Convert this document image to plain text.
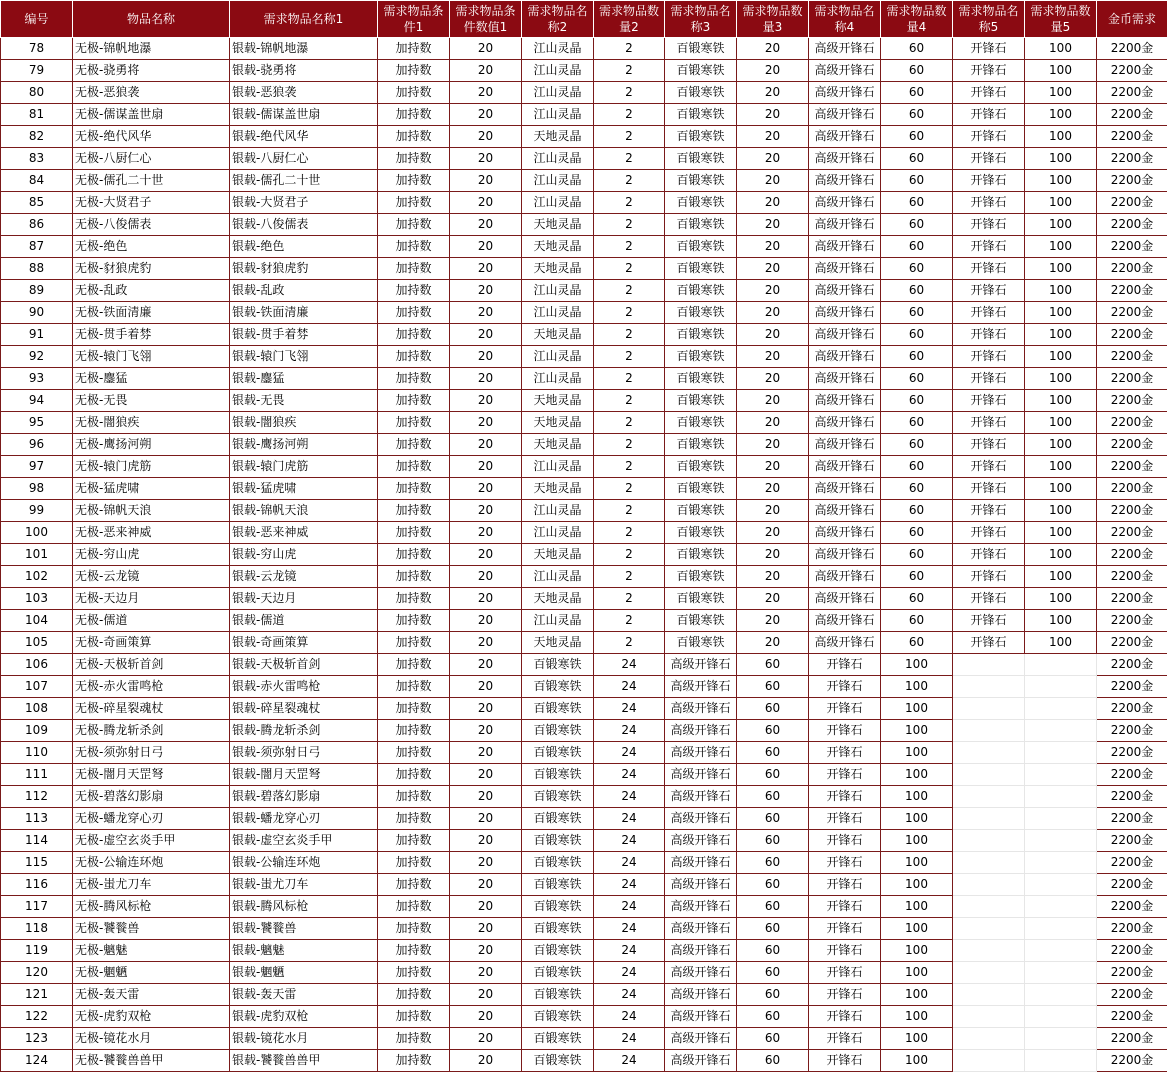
编号	物品名称	需求物品名称1	需求物品条件1	需求物品条件数值1	需求物品名称2	需求物品数量2	需求物品名称3	需求物品数量3	需求物品名称4	需求物品数量4	需求物品名称5	需求物品数量5	金币需求
78	无极-锦帆地瀑	银载-锦帆地瀑	加持数	20	江山灵晶	2	百锻寒铁	20	高级开锋石	60	开锋石	100	2200金
79	无极-骁勇将	银载-骁勇将	加持数	20	江山灵晶	2	百锻寒铁	20	高级开锋石	60	开锋石	100	2200金
80	无极-恶狼袭	银载-恶狼袭	加持数	20	江山灵晶	2	百锻寒铁	20	高级开锋石	60	开锋石	100	2200金
81	无极-儒谋盖世扇	银载-儒谋盖世扇	加持数	20	江山灵晶	2	百锻寒铁	20	高级开锋石	60	开锋石	100	2200金
82	无极-绝代风华	银载-绝代风华	加持数	20	天地灵晶	2	百锻寒铁	20	高级开锋石	60	开锋石	100	2200金
83	无极-八厨仁心	银载-八厨仁心	加持数	20	江山灵晶	2	百锻寒铁	20	高级开锋石	60	开锋石	100	2200金
84	无极-儒孔二十世	银载-儒孔二十世	加持数	20	江山灵晶	2	百锻寒铁	20	高级开锋石	60	开锋石	100	2200金
85	无极-大贤君子	银载-大贤君子	加持数	20	江山灵晶	2	百锻寒铁	20	高级开锋石	60	开锋石	100	2200金
86	无极-八俊儒表	银载-八俊儒表	加持数	20	天地灵晶	2	百锻寒铁	20	高级开锋石	60	开锋石	100	2200金
87	无极-绝色	银载-绝色	加持数	20	天地灵晶	2	百锻寒铁	20	高级开锋石	60	开锋石	100	2200金
88	无极-豺狼虎豹	银载-豺狼虎豹	加持数	20	天地灵晶	2	百锻寒铁	20	高级开锋石	60	开锋石	100	2200金
89	无极-乱政	银载-乱政	加持数	20	江山灵晶	2	百锻寒铁	20	高级开锋石	60	开锋石	100	2200金
90	无极-铁面清廉	银载-铁面清廉	加持数	20	江山灵晶	2	百锻寒铁	20	高级开锋石	60	开锋石	100	2200金
91	无极-贯手着棼	银载-贯手着棼	加持数	20	天地灵晶	2	百锻寒铁	20	高级开锋石	60	开锋石	100	2200金
92	无极-辕门飞翎	银载-辕门飞翎	加持数	20	江山灵晶	2	百锻寒铁	20	高级开锋石	60	开锋石	100	2200金
93	无极-鏖猛	银载-鏖猛	加持数	20	江山灵晶	2	百锻寒铁	20	高级开锋石	60	开锋石	100	2200金
94	无极-无畏	银载-无畏	加持数	20	天地灵晶	2	百锻寒铁	20	高级开锋石	60	开锋石	100	2200金
95	无极-闇狼疾	银载-闇狼疾	加持数	20	天地灵晶	2	百锻寒铁	20	高级开锋石	60	开锋石	100	2200金
96	无极-鹰扬河朔	银载-鹰扬河朔	加持数	20	天地灵晶	2	百锻寒铁	20	高级开锋石	60	开锋石	100	2200金
97	无极-辕门虎筋	银载-辕门虎筋	加持数	20	江山灵晶	2	百锻寒铁	20	高级开锋石	60	开锋石	100	2200金
98	无极-猛虎啸	银载-猛虎啸	加持数	20	天地灵晶	2	百锻寒铁	20	高级开锋石	60	开锋石	100	2200金
99	无极-锦帆天浪	银载-锦帆天浪	加持数	20	江山灵晶	2	百锻寒铁	20	高级开锋石	60	开锋石	100	2200金
100	无极-恶来神威	银载-恶来神威	加持数	20	江山灵晶	2	百锻寒铁	20	高级开锋石	60	开锋石	100	2200金
101	无极-穷山虎	银载-穷山虎	加持数	20	天地灵晶	2	百锻寒铁	20	高级开锋石	60	开锋石	100	2200金
102	无极-云龙镜	银载-云龙镜	加持数	20	江山灵晶	2	百锻寒铁	20	高级开锋石	60	开锋石	100	2200金
103	无极-天边月	银载-天边月	加持数	20	天地灵晶	2	百锻寒铁	20	高级开锋石	60	开锋石	100	2200金
104	无极-儒道	银载-儒道	加持数	20	江山灵晶	2	百锻寒铁	20	高级开锋石	60	开锋石	100	2200金
105	无极-奇画策算	银载-奇画策算	加持数	20	天地灵晶	2	百锻寒铁	20	高级开锋石	60	开锋石	100	2200金
106	无极-天极斩首剑	银载-天极斩首剑	加持数	20	百锻寒铁	24	高级开锋石	60	开锋石	100			2200金
107	无极-赤火雷鸣枪	银载-赤火雷鸣枪	加持数	20	百锻寒铁	24	高级开锋石	60	开锋石	100			2200金
108	无极-碎星裂魂杖	银载-碎星裂魂杖	加持数	20	百锻寒铁	24	高级开锋石	60	开锋石	100			2200金
109	无极-腾龙斩杀剑	银载-腾龙斩杀剑	加持数	20	百锻寒铁	24	高级开锋石	60	开锋石	100			2200金
110	无极-须弥射日弓	银载-须弥射日弓	加持数	20	百锻寒铁	24	高级开锋石	60	开锋石	100			2200金
111	无极-闇月天罡弩	银载-闇月天罡弩	加持数	20	百锻寒铁	24	高级开锋石	60	开锋石	100			2200金
112	无极-碧落幻影扇	银载-碧落幻影扇	加持数	20	百锻寒铁	24	高级开锋石	60	开锋石	100			2200金
113	无极-蟠龙穿心刃	银载-蟠龙穿心刃	加持数	20	百锻寒铁	24	高级开锋石	60	开锋石	100			2200金
114	无极-虚空玄炎手甲	银载-虚空玄炎手甲	加持数	20	百锻寒铁	24	高级开锋石	60	开锋石	100			2200金
115	无极-公输连环炮	银载-公输连环炮	加持数	20	百锻寒铁	24	高级开锋石	60	开锋石	100			2200金
116	无极-蚩尤刀车	银载-蚩尤刀车	加持数	20	百锻寒铁	24	高级开锋石	60	开锋石	100			2200金
117	无极-腾风标枪	银载-腾风标枪	加持数	20	百锻寒铁	24	高级开锋石	60	开锋石	100			2200金
118	无极-饕餮兽	银载-饕餮兽	加持数	20	百锻寒铁	24	高级开锋石	60	开锋石	100			2200金
119	无极-魑魅	银载-魑魅	加持数	20	百锻寒铁	24	高级开锋石	60	开锋石	100			2200金
120	无极-魍魉	银载-魍魉	加持数	20	百锻寒铁	24	高级开锋石	60	开锋石	100			2200金
121	无极-轰天雷	银载-轰天雷	加持数	20	百锻寒铁	24	高级开锋石	60	开锋石	100			2200金
122	无极-虎豹双枪	银载-虎豹双枪	加持数	20	百锻寒铁	24	高级开锋石	60	开锋石	100			2200金
123	无极-镜花水月	银载-镜花水月	加持数	20	百锻寒铁	24	高级开锋石	60	开锋石	100			2200金
124	无极-饕餮兽兽甲	银载-饕餮兽兽甲	加持数	20	百锻寒铁	24	高级开锋石	60	开锋石	100			2200金
